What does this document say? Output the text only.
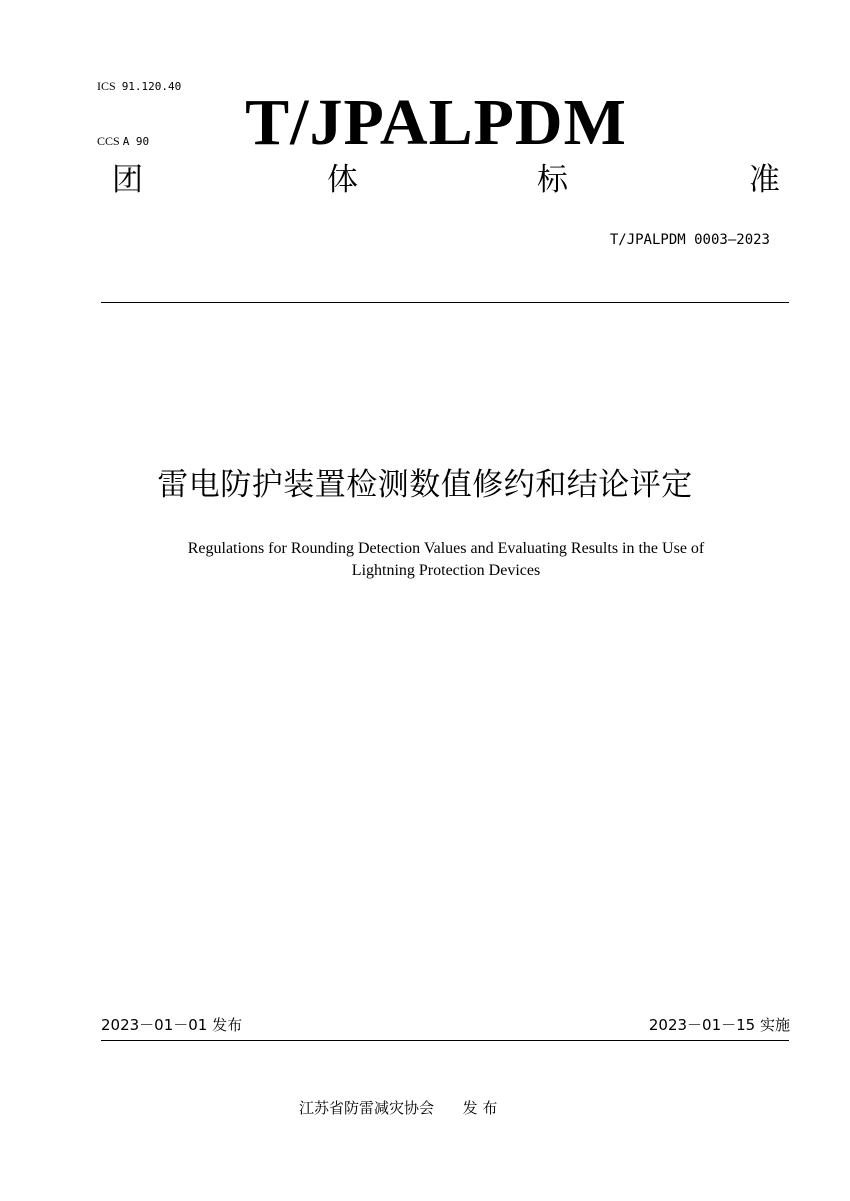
ICS 91.120.40

CCS A 90	T/JPALPDM
团	体	标	准
T/JPALPDM 0003—2023
雷电防护装置检测数值修约和结论评定
Regulations for Rounding Detection Values and Evaluating Results in the Use of
Lightning Protection Devices
2023－01－01 发布	2023－01－15 实施
江苏省防雷减灾协会 发 布
